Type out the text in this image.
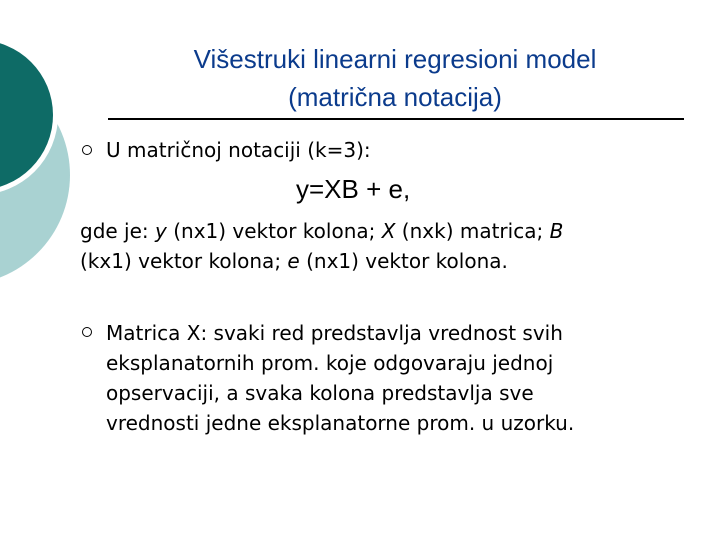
Višestruki linearni regresioni model
(matrična notacija)
U matričnoj notaciji (k=3):
y=XB + e,
gde je: y (nx1) vektor kolona; X (nxk) matrica; B
(kx1) vektor kolona; e (nx1) vektor kolona.
Matrica X: svaki red predstavlja vrednost svih
eksplanatornih prom. koje odgovaraju jednoj
opservaciji, a svaka kolona predstavlja sve
vrednosti jedne eksplanatorne prom. u uzorku.
